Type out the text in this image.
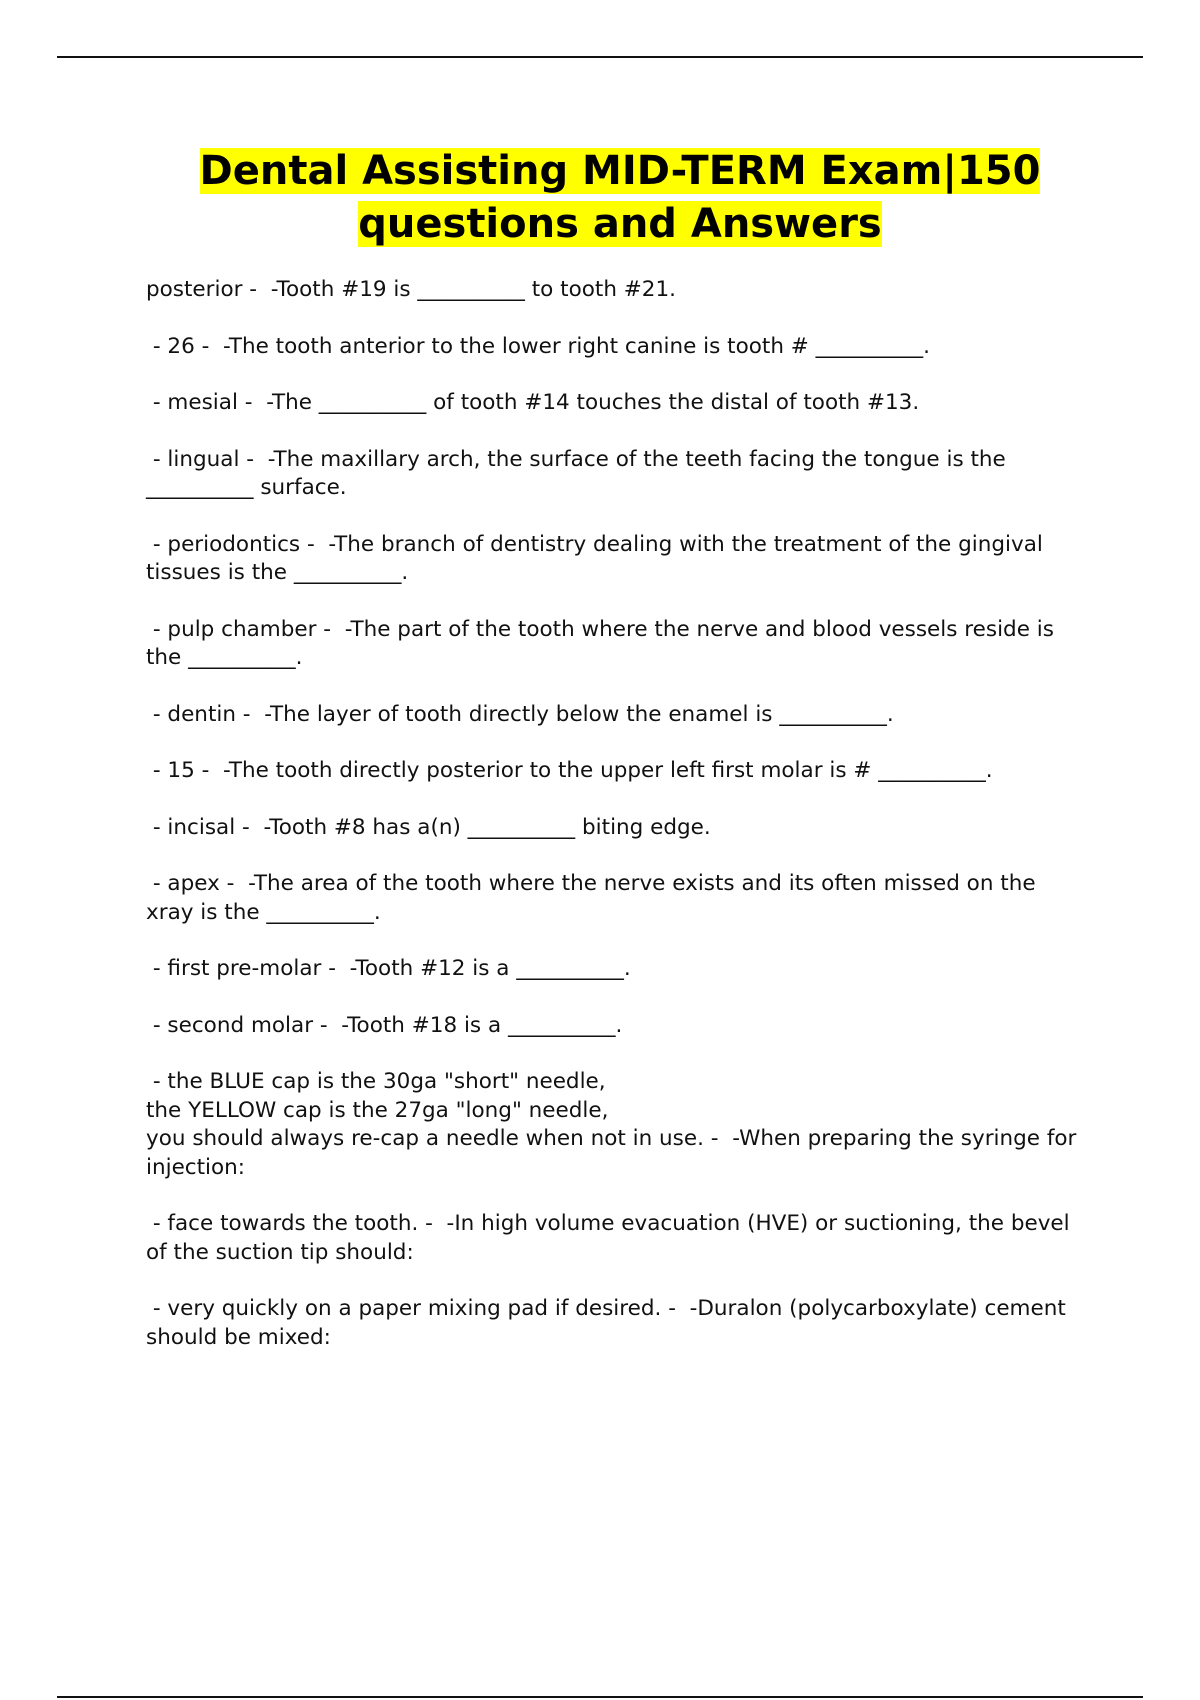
Dental Assisting MID-TERM Exam|150
questions and Answers

posterior -  -Tooth #19 is __________ to tooth #21.

- 26 -  -The tooth anterior to the lower right canine is tooth # __________.

- mesial -  -The __________ of tooth #14 touches the distal of tooth #13.

- lingual -  -The maxillary arch, the surface of the teeth facing the tongue is the __________ surface.

- periodontics -  -The branch of dentistry dealing with the treatment of the gingival tissues is the __________.

- pulp chamber -  -The part of the tooth where the nerve and blood vessels reside is the __________.

- dentin -  -The layer of tooth directly below the enamel is __________.

- 15 -  -The tooth directly posterior to the upper left first molar is # __________.

- incisal -  -Tooth #8 has a(n) __________ biting edge.

- apex -  -The area of the tooth where the nerve exists and its often missed on the xray is the __________.

- first pre-molar -  -Tooth #12 is a __________.

- second molar -  -Tooth #18 is a __________.

- the BLUE cap is the 30ga "short" needle,
the YELLOW cap is the 27ga "long" needle,
you should always re-cap a needle when not in use. -  -When preparing the syringe for injection:

- face towards the tooth. -  -In high volume evacuation (HVE) or suctioning, the bevel of the suction tip should:

- very quickly on a paper mixing pad if desired. -  -Duralon (polycarboxylate) cement should be mixed:
